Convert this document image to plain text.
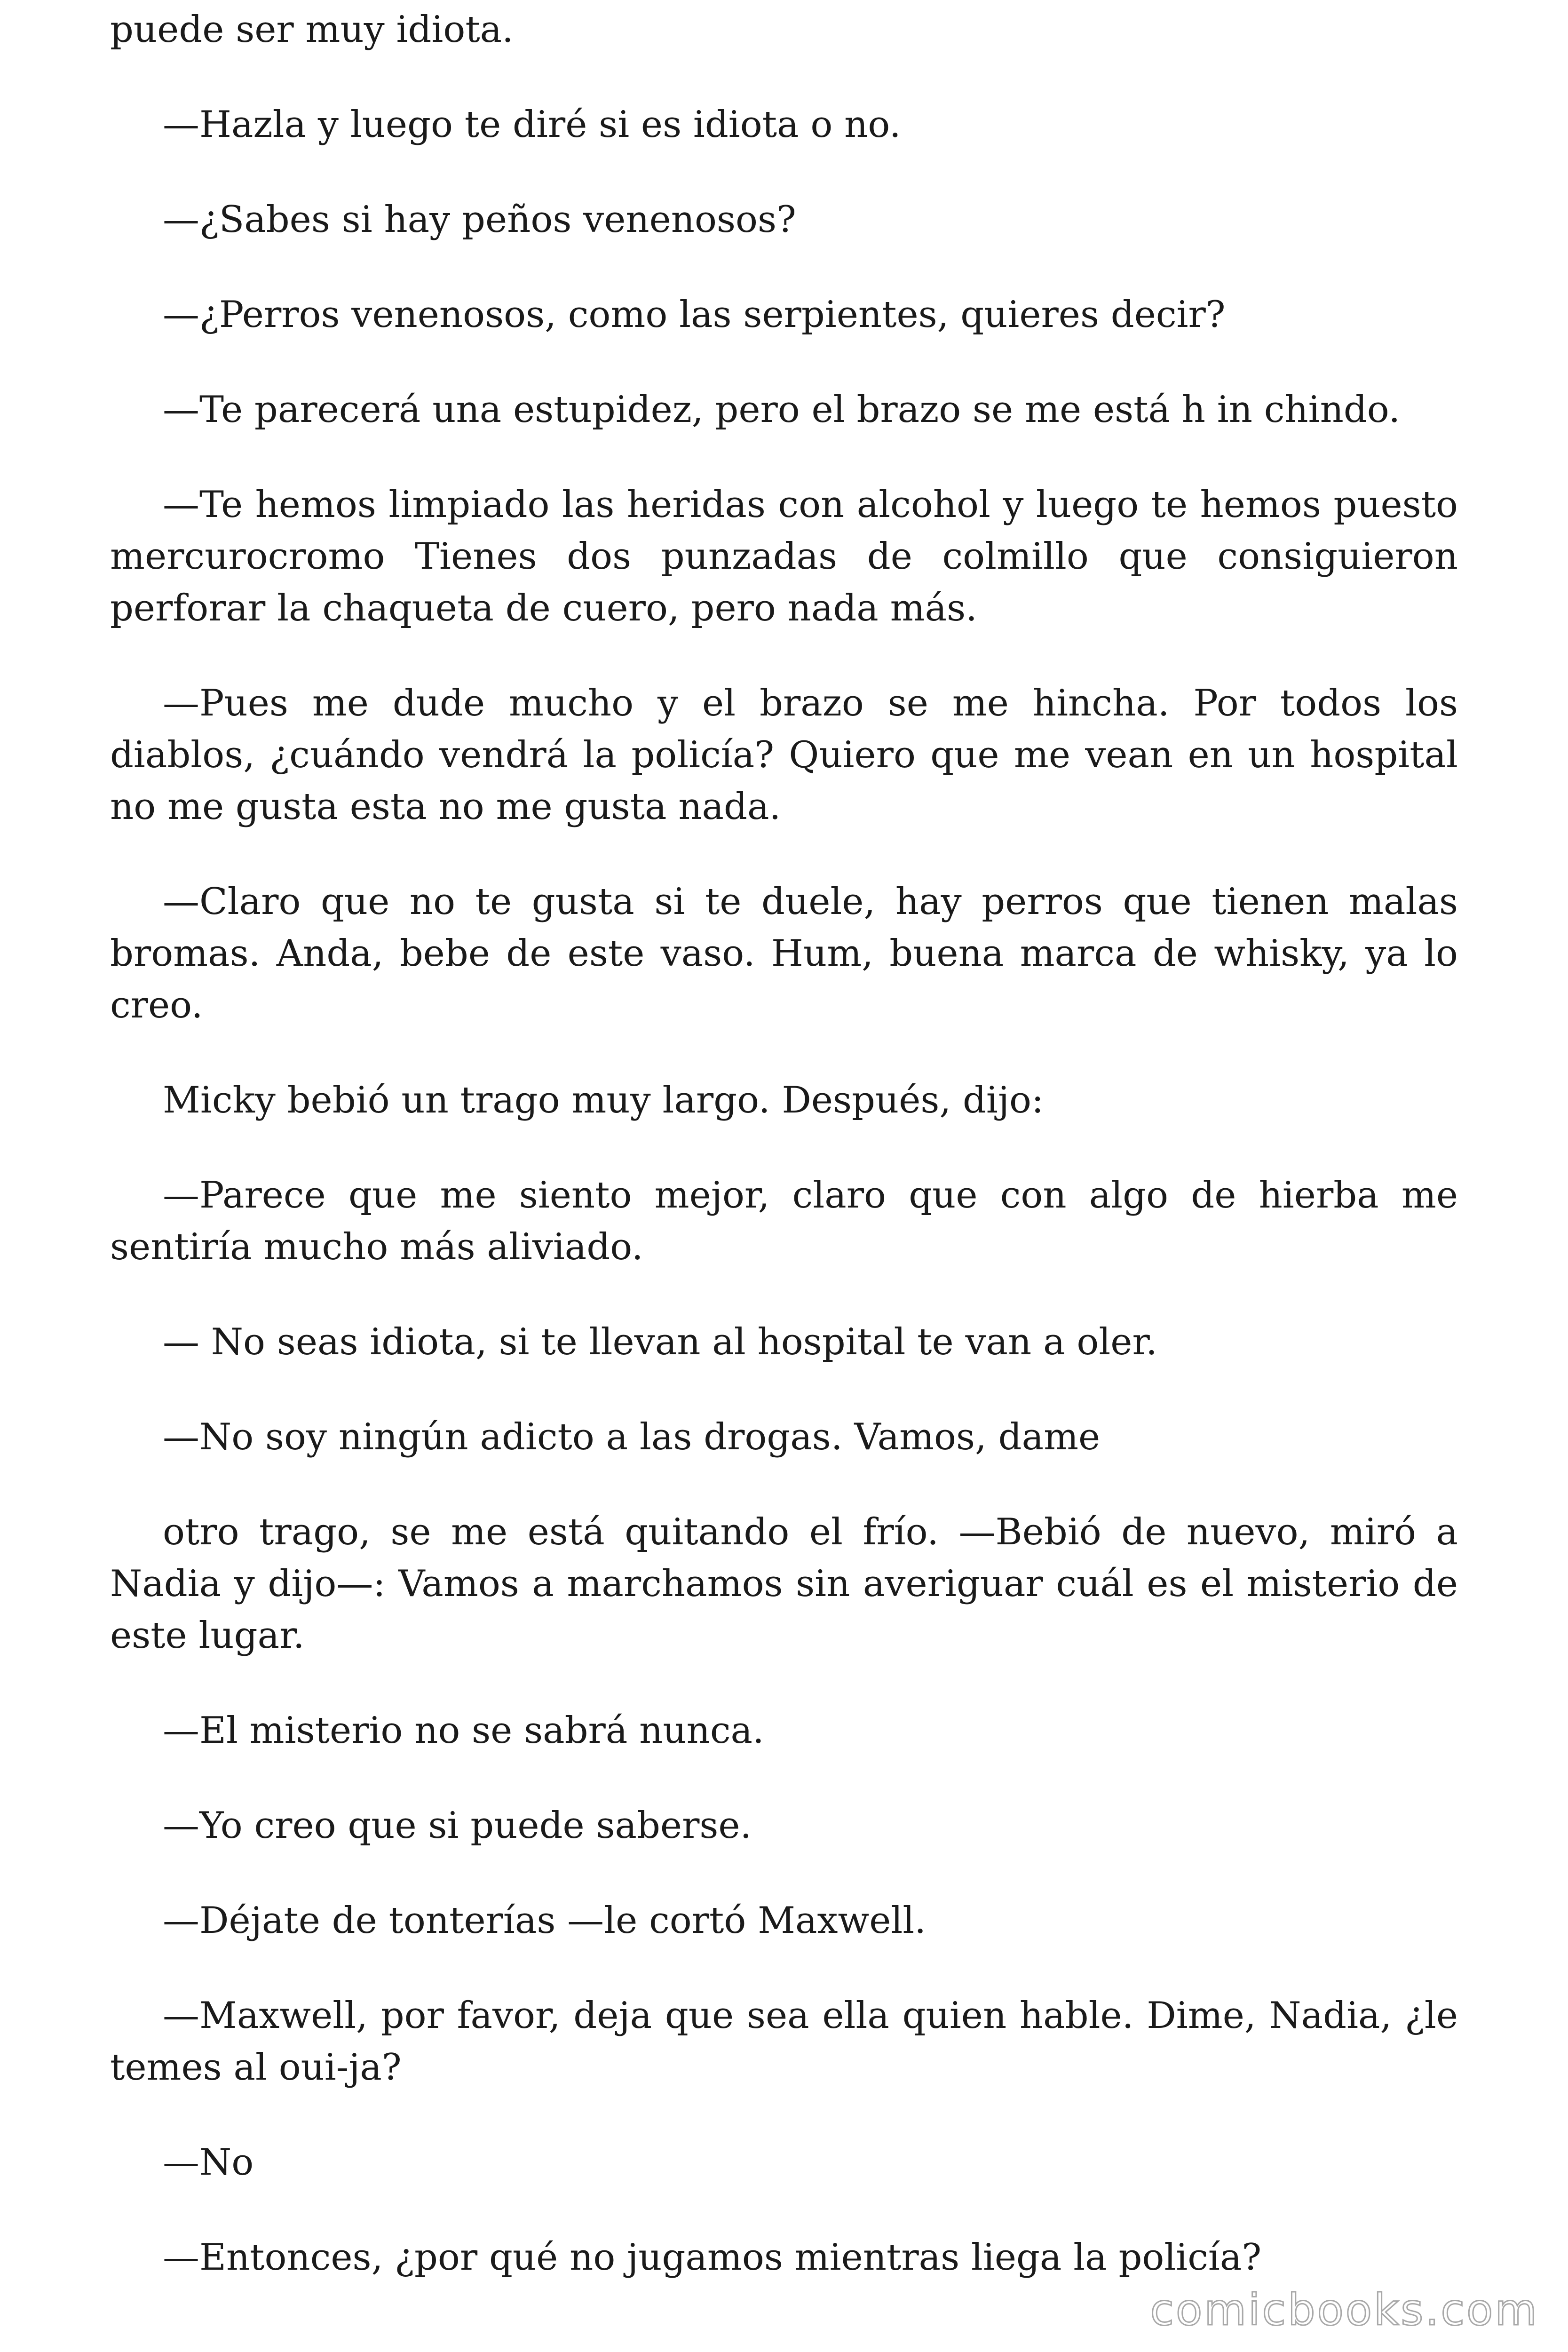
puede ser muy idiota.

—Hazla y luego te diré si es idiota o no.

—¿Sabes si hay peños venenosos?

—¿Perros venenosos, como las serpientes, quieres decir?

—Te parecerá una estupidez, pero el brazo se me está h in chindo.

—Te hemos limpiado las heridas con alcohol y luego te hemos puesto mercurocromo Tienes dos punzadas de colmillo que consiguieron perforar la chaqueta de cuero, pero nada más.

—Pues me dude mucho y el brazo se me hincha. Por todos los diablos, ¿cuándo vendrá la policía? Quiero que me vean en un hospital no me gusta esta no me gusta nada.

—Claro que no te gusta si te duele, hay perros que tienen malas bromas. Anda, bebe de este vaso. Hum, buena marca de whisky, ya lo creo.

Micky bebió un trago muy largo. Después, dijo:

—Parece que me siento mejor, claro que con algo de hierba me sentiría mucho más aliviado.

— No seas idiota, si te llevan al hospital te van a oler.

—No soy ningún adicto a las drogas. Vamos, dame

otro trago, se me está quitando el frío. —Bebió de nuevo, miró a Nadia y dijo—: Vamos a marchamos sin averiguar cuál es el misterio de este lugar.

—El misterio no se sabrá nunca.

—Yo creo que si puede saberse.

—Déjate de tonterías —le cortó Maxwell.

—Maxwell, por favor, deja que sea ella quien hable. Dime, Nadia, ¿le temes al oui-ja?

—No

—Entonces, ¿por qué no jugamos mientras liega la policía?

comicbooks.com
